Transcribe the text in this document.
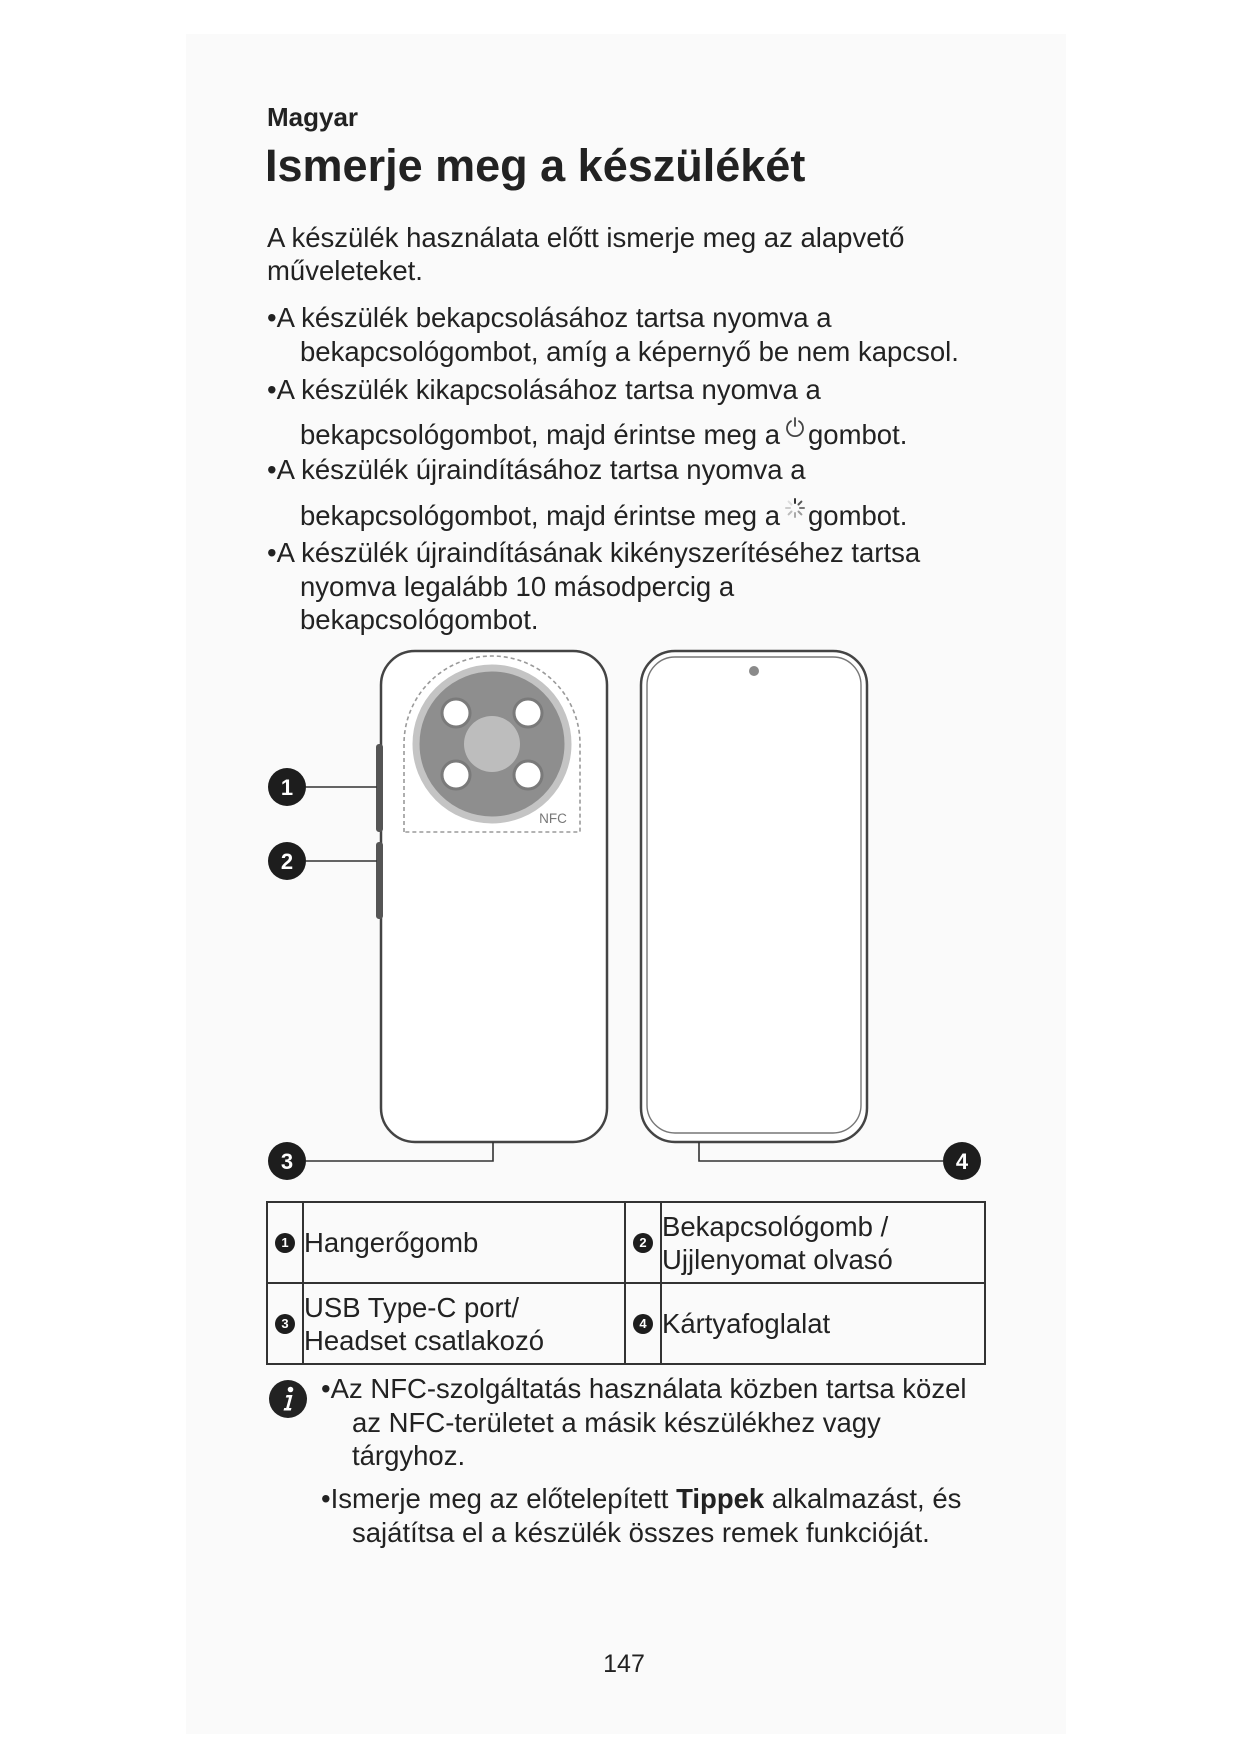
Magyar
Ismerje meg a készülékét
A készülék használata előtt ismerje meg az alapvető
műveleteket.
•A készülék bekapcsolásához tartsa nyomva a
bekapcsológombot, amíg a képernyő be nem kapcsol.
•A készülék kikapcsolásához tartsa nyomva a
bekapcsológombot, majd érintse meg a gombot.
•A készülék újraindításához tartsa nyomva a
bekapcsológombot, majd érintse meg a gombot.
•A készülék újraindításának kikényszerítéséhez tartsa
nyomva legalább 10 másodpercig a
bekapcsológombot.
NFC
1
2
3	4
1	Hangerőgomb	2	Bekapcsológomb /
Ujjlenyomat olvasó

3	USB Type-C port/
Headset csatlakozó	4	Kártyafoglalat
•Az NFC-szolgáltatás használata közben tartsa közel
az NFC-területet a másik készülékhez vagy
tárgyhoz.
•Ismerje meg az előtelepített Tippek alkalmazást, és
sajátítsa el a készülék összes remek funkcióját.
147
